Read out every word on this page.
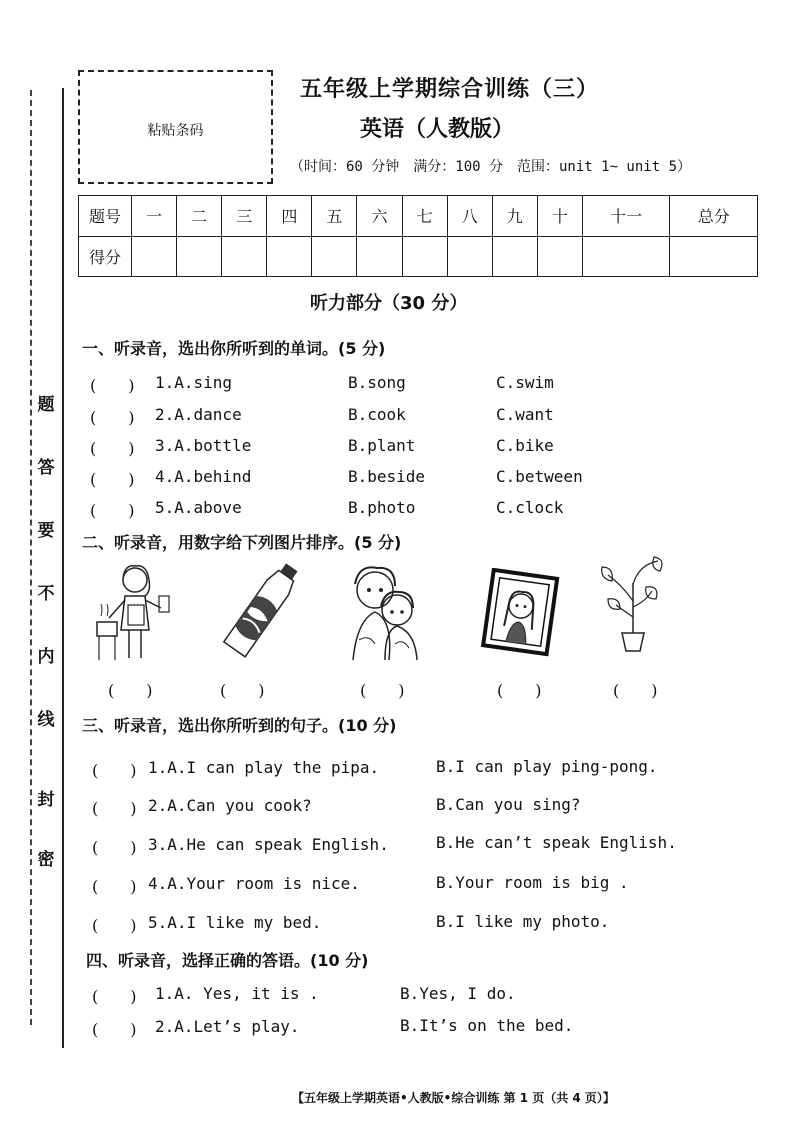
题
答
要
不
内
线
封
密
粘贴条码
五年级上学期综合训练（三）
英语（人教版）
（时间：60 分钟　满分：100 分　范围：unit 1~ unit 5）
题号	一	二	三	四	五	六	七	八	九	十	十一	总分
得分												
听力部分（30 分）
一、听录音，选出你所听到的单词。(5 分)
(　　) 1.A.sing	B.song	C.swim
(　　) 2.A.dance	B.cook	C.want
(　　) 3.A.bottle	B.plant	C.bike
(　　) 4.A.behind	B.beside	C.between
(　　) 5.A.above	B.photo	C.clock
二、听录音，用数字给下列图片排序。(5 分)
(　　)	(　　)	(　　)	(　　)	(　　)
三、听录音，选出你所听到的句子。(10 分)
(　　) 1.A.I can play the pipa.	B.I can play ping-pong.
(　　) 2.A.Can you cook?	B.Can you sing?
(　　) 3.A.He can speak English.	B.He can’t speak English.
(　　) 4.A.Your room is nice.	B.Your room is big .
(　　) 5.A.I like my bed.	B.I like my photo.
四、听录音，选择正确的答语。(10 分)
(　　) 1.A. Yes, it is .	B.Yes, I do.
(　　) 2.A.Let’s play.	B.It’s on the bed.
【五年级上学期英语•人教版•综合训练 第 1 页（共 4 页）】
